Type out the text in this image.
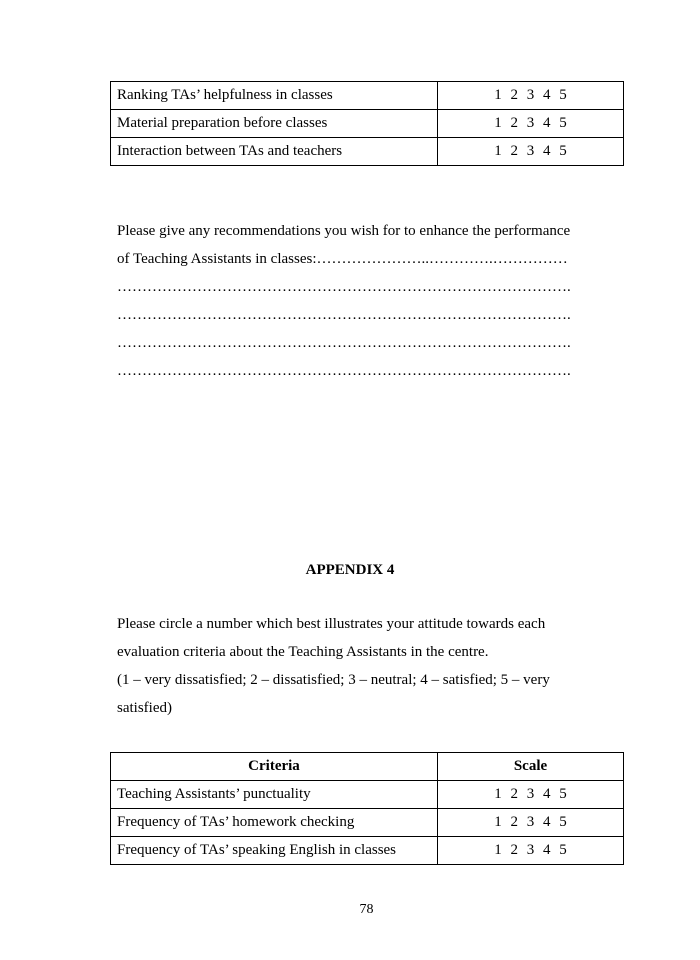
Ranking TAs’ helpfulness in classes	1 2 3 4 5
Material preparation before classes	1 2 3 4 5
Interaction between TAs and teachers	1 2 3 4 5
Please give any recommendations you wish for to enhance the performance
of Teaching Assistants in classes:…………………..………….……………
……………………………………………………………………………….
……………………………………………………………………………….
……………………………………………………………………………….
……………………………………………………………………………….
APPENDIX 4
Please circle a number which best illustrates your attitude towards each
evaluation criteria about the Teaching Assistants in the centre.
(1 – very dissatisfied; 2 – dissatisfied; 3 – neutral; 4 – satisfied; 5 – very
satisfied)
Criteria	Scale
Teaching Assistants’ punctuality	1 2 3 4 5
Frequency of TAs’ homework checking	1 2 3 4 5
Frequency of TAs’ speaking English in classes	1 2 3 4 5
78
